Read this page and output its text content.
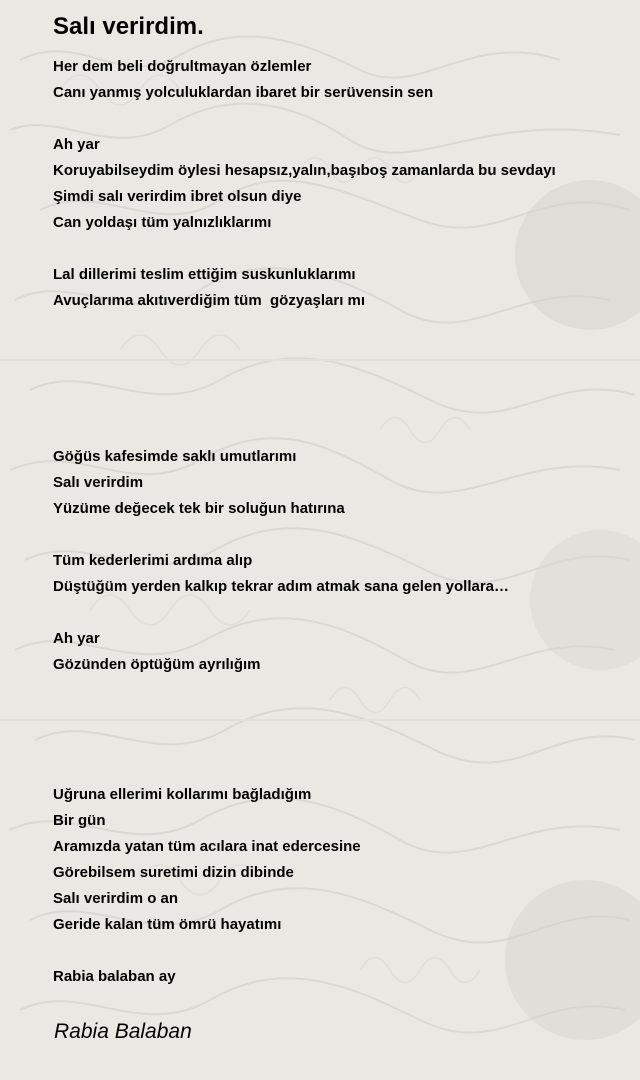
Salı verirdim.
Her dem beli doğrultmayan özlemler
Canı yanmış yolculuklardan ibaret bir serüvensin sen
Ah yar
Koruyabilseydim öylesi hesapsız,yalın,başıboş zamanlarda bu sevdayı
Şimdi salı verirdim ibret olsun diye
Can yoldaşı tüm yalnızlıklarımı
Lal dillerimi teslim ettiğim suskunluklarımı
Avuçlarıma akıtıverdiğim tüm  gözyaşları mı
Göğüs kafesimde saklı umutlarımı
Salı verirdim
Yüzüme değecek tek bir soluğun hatırına
Tüm kederlerimi ardıma alıp
Düştüğüm yerden kalkıp tekrar adım atmak sana gelen yollara…
Ah yar
Gözünden öptüğüm ayrılığım
Uğruna ellerimi kollarımı bağladığım
Bir gün
Aramızda yatan tüm acılara inat edercesine
Görebilsem suretimi dizin dibinde
Salı verirdim o an
Geride kalan tüm ömrü hayatımı
Rabia balaban ay
Rabia Balaban
